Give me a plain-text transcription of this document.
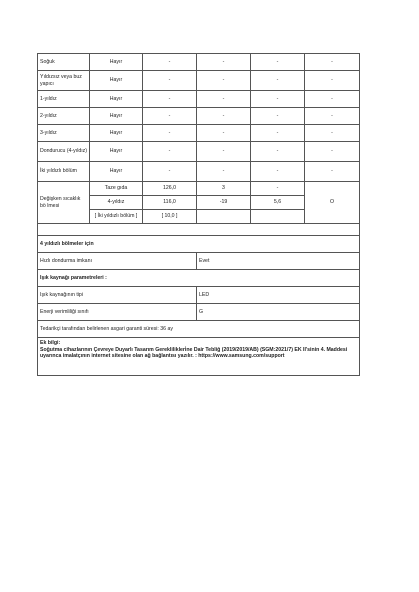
Soğuk	Hayır	-	-	-	-
Yıldızsız veya buz yapıcı	Hayır	-	-	-	-
1-yıldız	Hayır	-	-	-	-
2-yıldız	Hayır	-	-	-	-
3-yıldız	Hayır	-	-	-	-
Dondurucu (4-yıldız)	Hayır	-	-	-	-
İki yıldızlı bölüm	Hayır	-	-	-	-
Değişken sıcaklık bö lmesi	Taze gıda	126,0	3	-	O
	4-yıldız	116,0	-19	5,6	
	[ İki yıldızlı bölüm ]	[ 10,0 ]			

4 yıldızlı bölmeler için					
Hızlı dondurma imkanı			Evet		
Işık kaynağı parametreleri :					
Işık kaynağının tipi			LED		
Enerji verimliliği sınıfı			G		
Tedarikçi tarafından belirlenen asgari garanti süresi: 36 ay					

Ek bilgi:
Soğutma cihazlarının Çevreye Duyarlı Tasarım Gereklilikleri̇ne Dair Tebliğ (2019/2019/AB) (SGM:2021/7) EK II'sinin 4. Maddesi uyarınca imalatçının internet sitesine olan ağ bağlantısı yazılır. : https://www.samsung.com/support					
